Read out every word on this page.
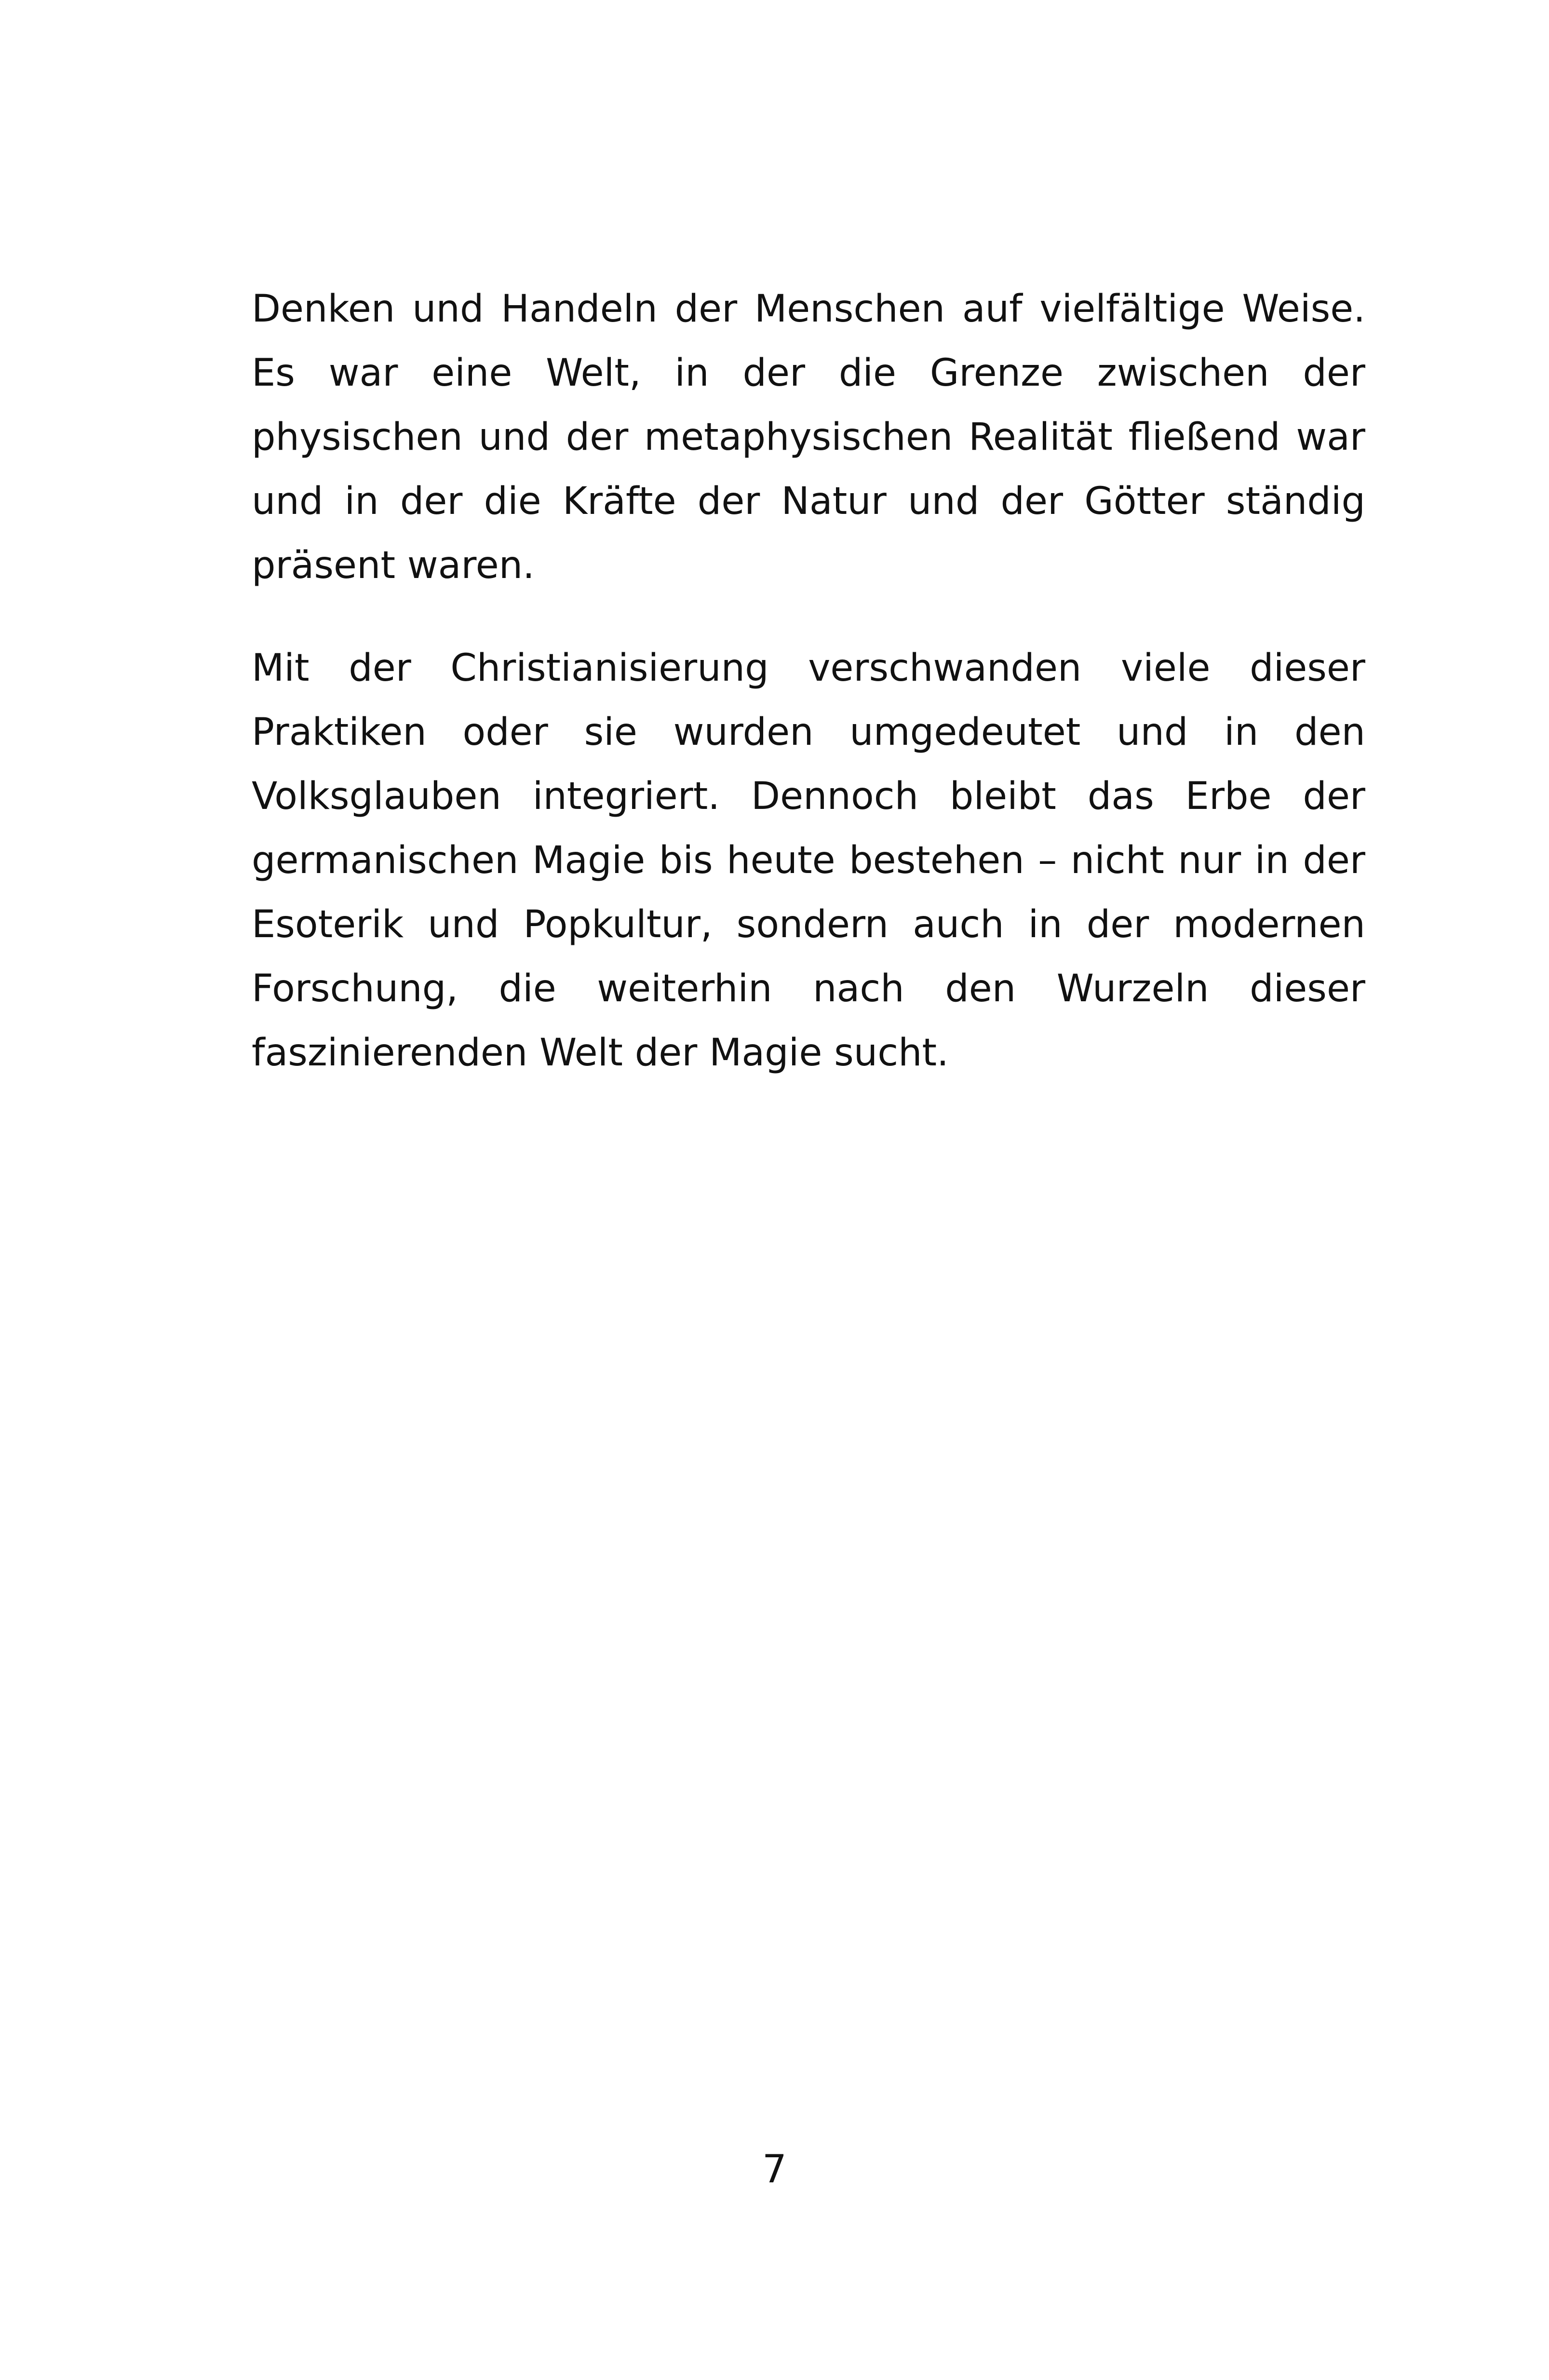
Denken und Handeln der Menschen auf vielfältige Weise. Es war eine Welt, in der die Grenze zwischen der physischen und der metaphysischen Realität fließend war und in der die Kräfte der Natur und der Götter ständig präsent waren.

Mit der Christianisierung verschwanden viele dieser Praktiken oder sie wurden umgedeutet und in den Volksglauben integriert. Dennoch bleibt das Erbe der germanischen Magie bis heute bestehen – nicht nur in der Esoterik und Popkultur, sondern auch in der modernen Forschung, die weiterhin nach den Wurzeln dieser faszinierenden Welt der Magie sucht.

7
